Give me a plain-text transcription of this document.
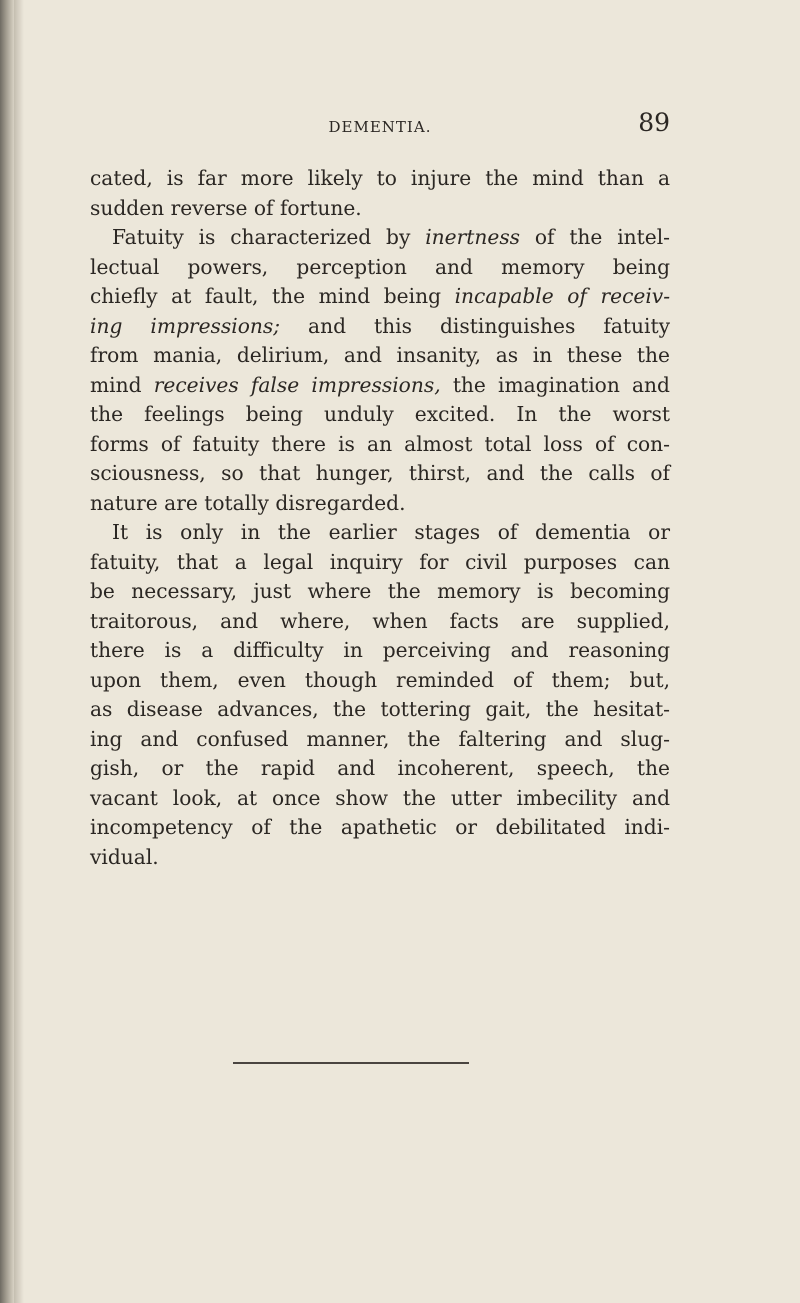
DEMENTIA.	89
cated, is far more likely to injure the mind than a
sudden reverse of fortune.
Fatuity is characterized by inertness of the intel-
lectual powers, perception and memory being
chiefly at fault, the mind being incapable of receiv-
ing impressions; and this distinguishes fatuity
from mania, delirium, and insanity, as in these the
mind receives false impressions, the imagination and
the feelings being unduly excited. In the worst
forms of fatuity there is an almost total loss of con-
sciousness, so that hunger, thirst, and the calls of
nature are totally disregarded.
It is only in the earlier stages of dementia or
fatuity, that a legal inquiry for civil purposes can
be necessary, just where the memory is becoming
traitorous, and where, when facts are supplied,
there is a difficulty in perceiving and reasoning
upon them, even though reminded of them; but,
as disease advances, the tottering gait, the hesitat-
ing and confused manner, the faltering and slug-
gish, or the rapid and incoherent, speech, the
vacant look, at once show the utter imbecility and
incompetency of the apathetic or debilitated indi-
vidual.
